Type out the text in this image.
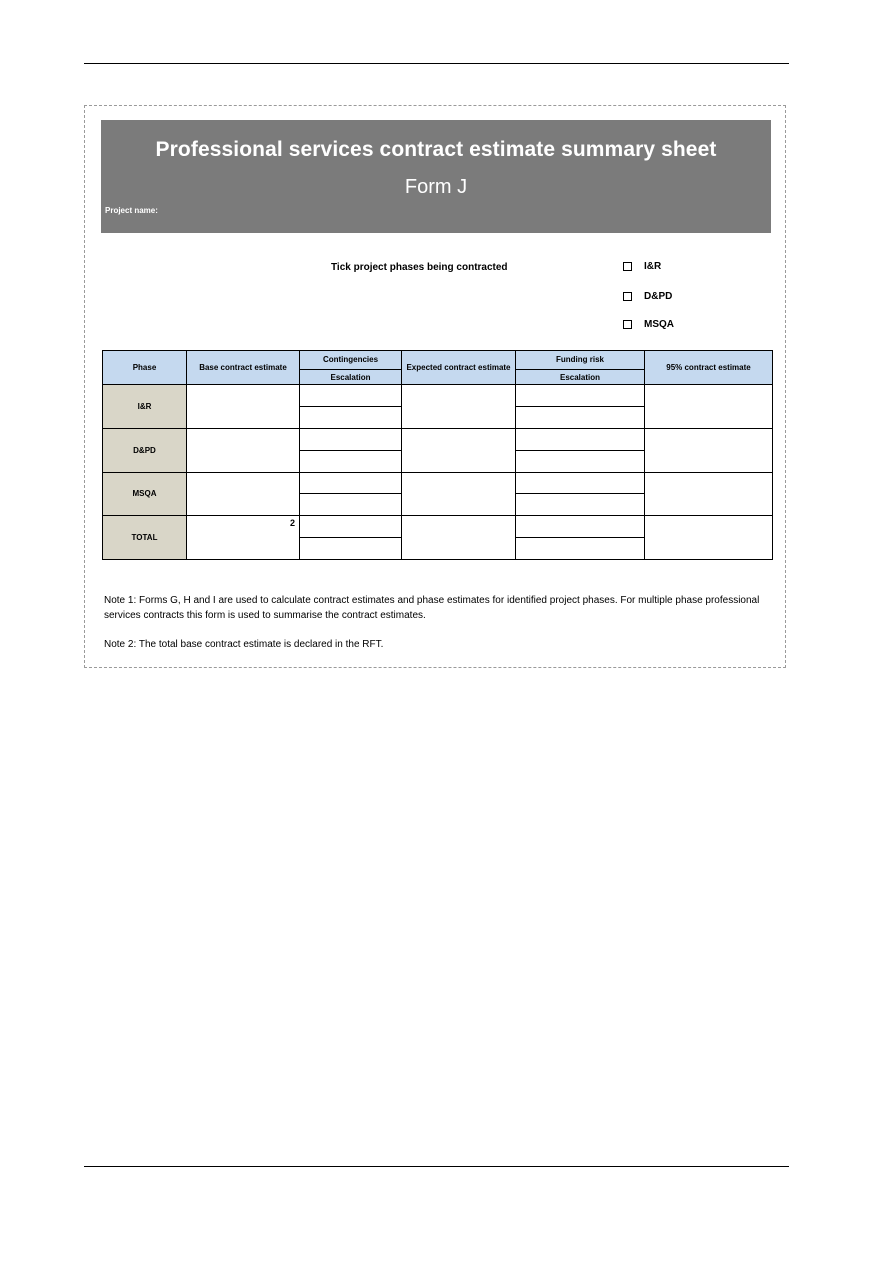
Professional services contract estimate summary sheet
Form J
Project name:
Tick project phases being contracted	I&R
D&PD
MSQA
Phase	Base contract estimate	Contingencies	Expected contract estimate	Funding risk	95% contract estimate
		Escalation		Escalation	
I&R					

D&PD					

MSQA					

TOTAL	2				

Note 1: Forms G, H and I are used to calculate contract estimates and phase estimates for identified project phases. For multiple phase professional services contracts this form is used to summarise the contract estimates.
Note 2: The total base contract estimate is declared in the RFT.
